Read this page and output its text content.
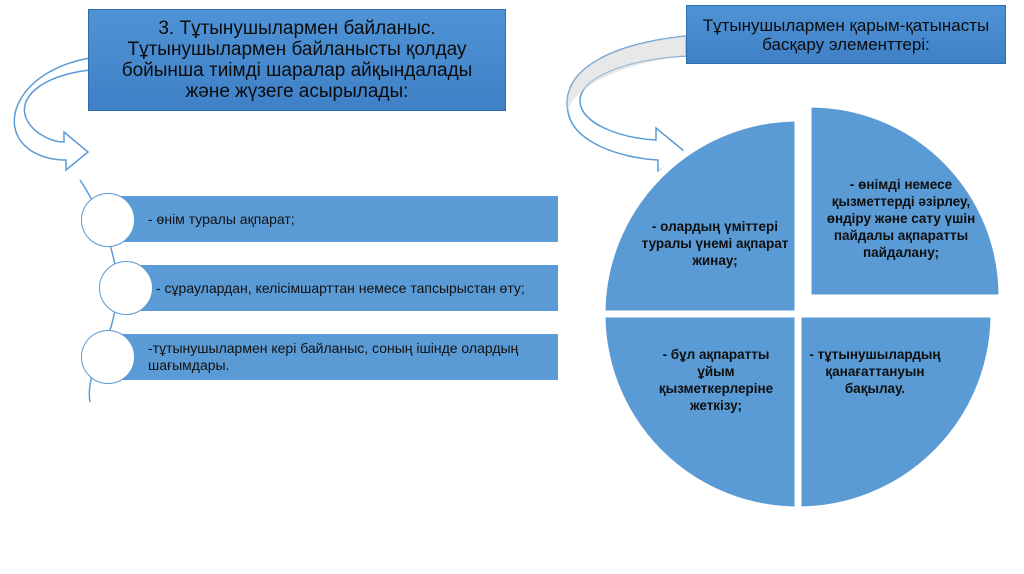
3. Тұтынушылармен байланыс. Тұтынушылармен байланысты қолдау бойынша тиімді шаралар айқындалады және жүзеге асырылады:
Тұтынушылармен қарым-қатынасты басқару элементтері:
- өнім туралы ақпарат;
- сұраулардан, келісімшарттан немесе тапсырыстан өту;
-тұтынушылармен кері байланыс, соның ішінде олардың шағымдары.
- олардың үміттері туралы үнемі ақпарат жинау;
- өнімді немесе қызметтерді әзірлеу, өндіру және сату үшін пайдалы ақпаратты пайдалану;
- бұл ақпаратты ұйым қызметкерлеріне жеткізу;
- тұтынушылардың қанағаттануын бақылау.
